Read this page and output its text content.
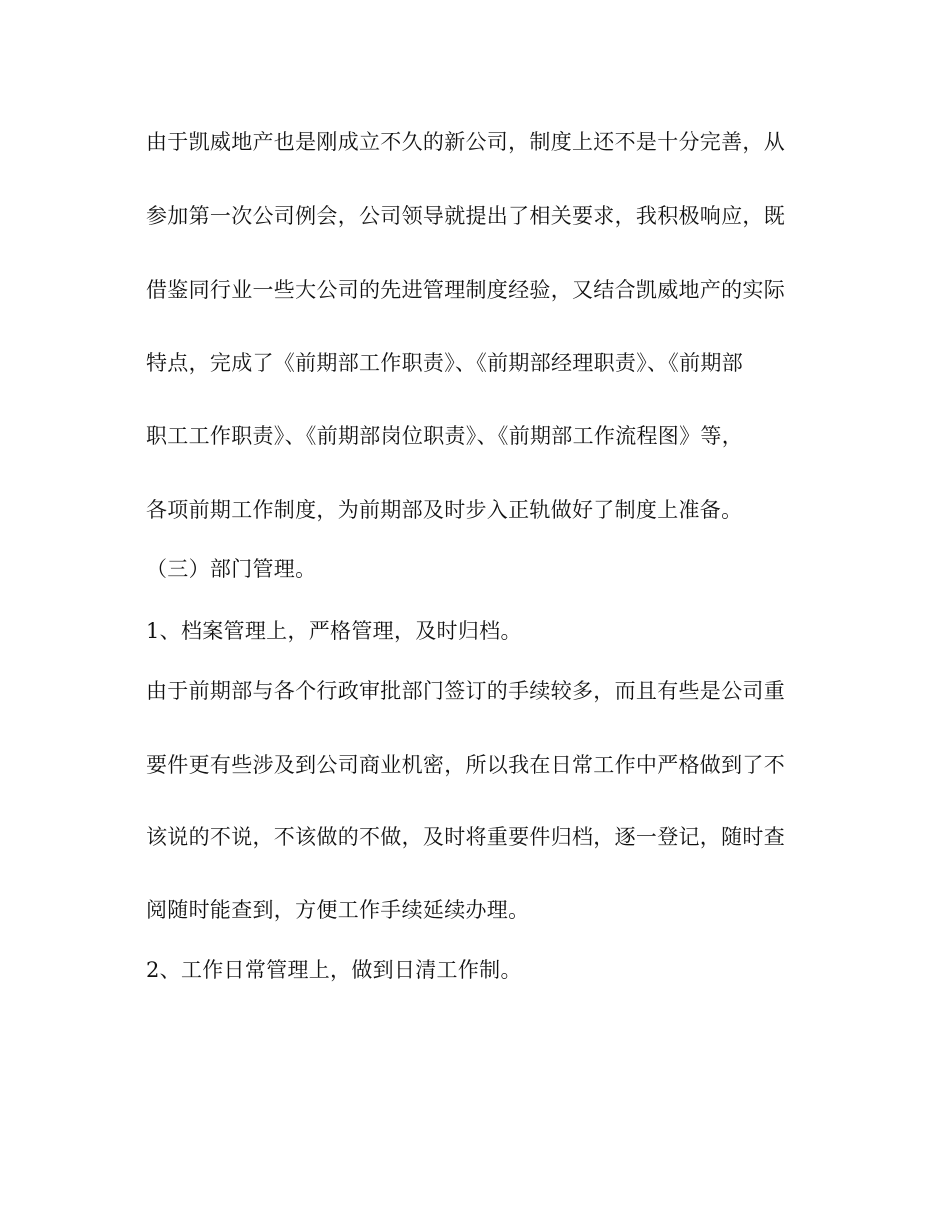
由于凯威地产也是刚成立不久的新公司，制度上还不是十分完善，从
参加第一次公司例会，公司领导就提出了相关要求，我积极响应，既
借鉴同行业一些大公司的先进管理制度经验，又结合凯威地产的实际
特点，完成了《前期部工作职责》、《前期部经理职责》、《前期部
职工工作职责》、《前期部岗位职责》、《前期部工作流程图》等，
各项前期工作制度，为前期部及时步入正轨做好了制度上准备。
（三）部门管理。
1、档案管理上，严格管理，及时归档。
由于前期部与各个行政审批部门签订的手续较多，而且有些是公司重
要件更有些涉及到公司商业机密，所以我在日常工作中严格做到了不
该说的不说，不该做的不做，及时将重要件归档，逐一登记，随时查
阅随时能查到，方便工作手续延续办理。
2、工作日常管理上，做到日清工作制。
